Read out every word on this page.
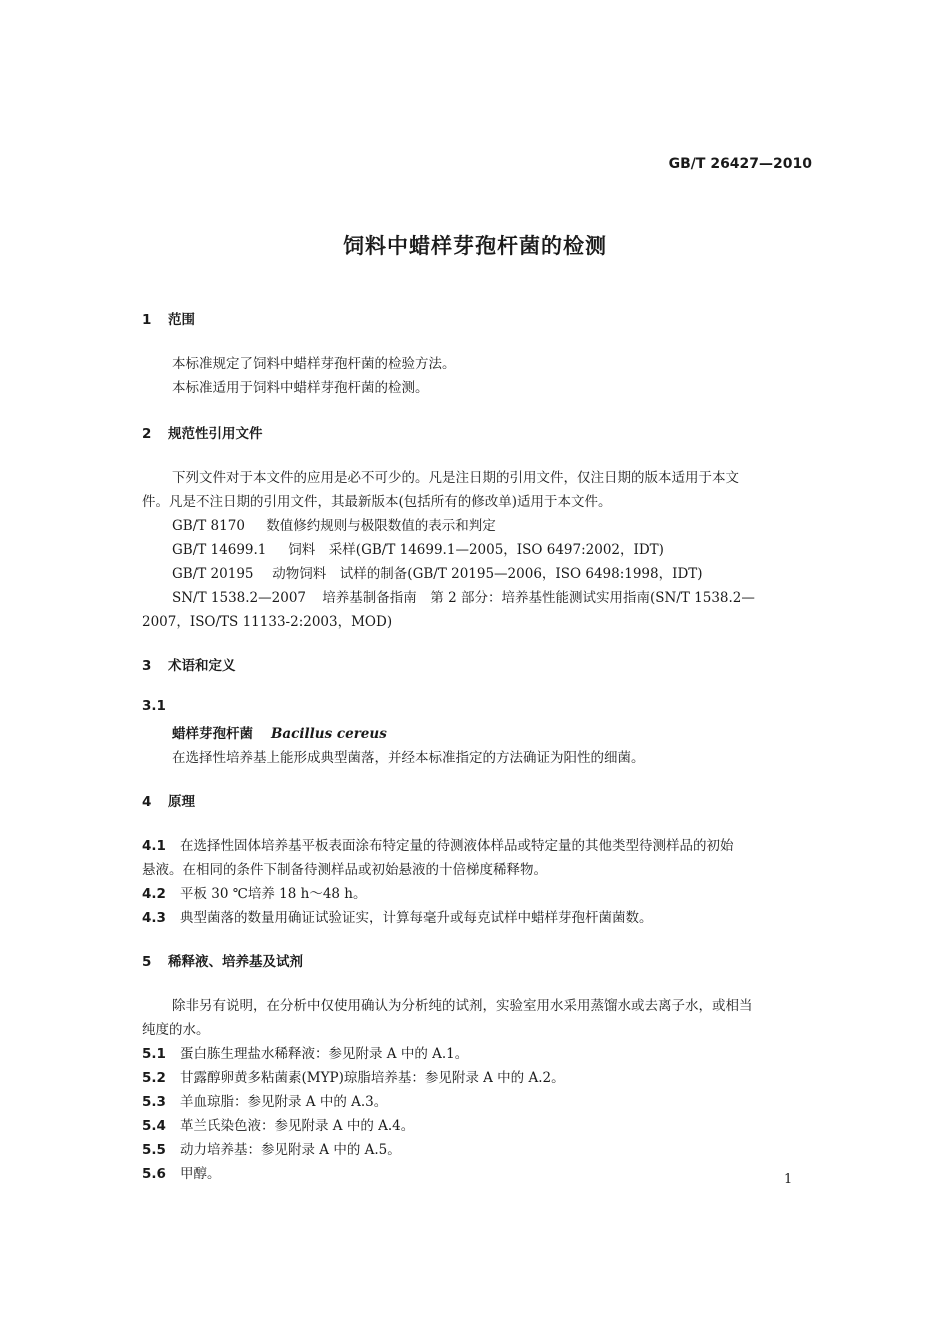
GB/T 26427—2010
饲料中蜡样芽孢杆菌的检测
1 范围
本标准规定了饲料中蜡样芽孢杆菌的检验方法。
本标准适用于饲料中蜡样芽孢杆菌的检测。
2 规范性引用文件
下列文件对于本文件的应用是必不可少的。凡是注日期的引用文件，仅注日期的版本适用于本文
件。凡是不注日期的引用文件，其最新版本(包括所有的修改单)适用于本文件。
GB/T 8170 数值修约规则与极限数值的表示和判定
GB/T 14699.1 饲料　采样(GB/T 14699.1—2005，ISO 6497:2002，IDT)
GB/T 20195 动物饲料　试样的制备(GB/T 20195—2006，ISO 6498:1998，IDT)
SN/T 1538.2—2007 培养基制备指南　第 2 部分：培养基性能测试实用指南(SN/T 1538.2—
2007，ISO/TS 11133-2:2003，MOD)
3 术语和定义
3.1
蜡样芽孢杆菌 Bacillus cereus
在选择性培养基上能形成典型菌落，并经本标准指定的方法确证为阳性的细菌。
4 原理
4.1 在选择性固体培养基平板表面涂布特定量的待测液体样品或特定量的其他类型待测样品的初始
悬液。在相同的条件下制备待测样品或初始悬液的十倍梯度稀释物。
4.2 平板 30 ℃培养 18 h～48 h。
4.3 典型菌落的数量用确证试验证实，计算每毫升或每克试样中蜡样芽孢杆菌菌数。
5 稀释液、培养基及试剂
除非另有说明，在分析中仅使用确认为分析纯的试剂，实验室用水采用蒸馏水或去离子水，或相当
纯度的水。
5.1 蛋白胨生理盐水稀释液：参见附录 A 中的 A.1。
5.2 甘露醇卵黄多粘菌素(MYP)琼脂培养基：参见附录 A 中的 A.2。
5.3 羊血琼脂：参见附录 A 中的 A.3。
5.4 革兰氏染色液：参见附录 A 中的 A.4。
5.5 动力培养基：参见附录 A 中的 A.5。
5.6 甲醇。	1
